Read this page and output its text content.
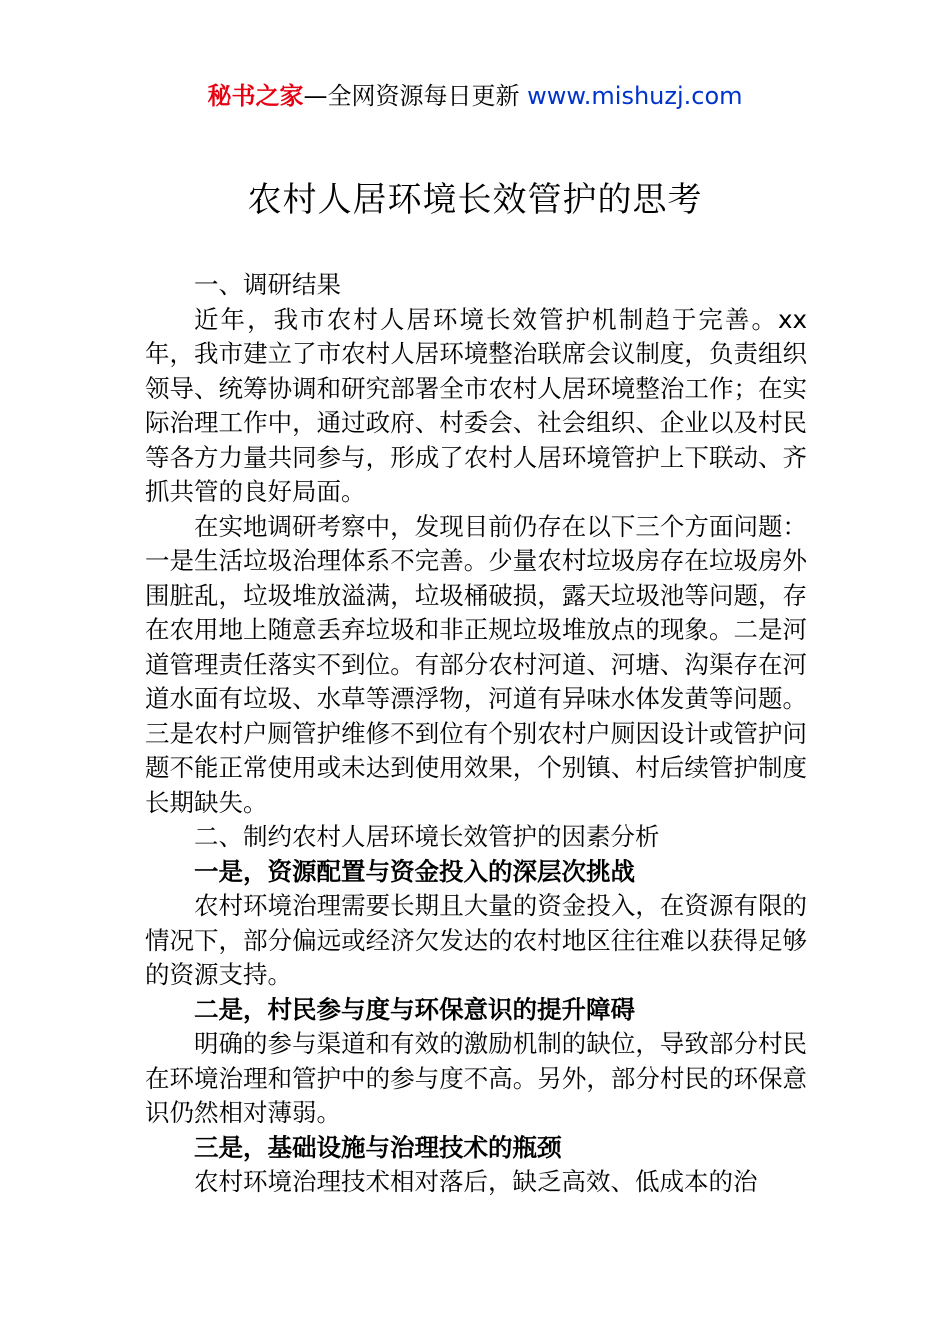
秘书之家—全网资源每日更新 www.mishuzj.com
农村人居环境长效管护的思考

一、调研结果

近年，我市农村人居环境长效管护机制趋于完善。xx年，我市建立了市农村人居环境整治联席会议制度，负责组织领导、统筹协调和研究部署全市农村人居环境整治工作；在实际治理工作中，通过政府、村委会、社会组织、企业以及村民等各方力量共同参与，形成了农村人居环境管护上下联动、齐抓共管的良好局面。

在实地调研考察中，发现目前仍存在以下三个方面问题：一是生活垃圾治理体系不完善。少量农村垃圾房存在垃圾房外围脏乱，垃圾堆放溢满，垃圾桶破损，露天垃圾池等问题，存在农用地上随意丢弃垃圾和非正规垃圾堆放点的现象。二是河道管理责任落实不到位。有部分农村河道、河塘、沟渠存在河道水面有垃圾、水草等漂浮物，河道有异味水体发黄等问题。三是农村户厕管护维修不到位有个别农村户厕因设计或管护问题不能正常使用或未达到使用效果，个别镇、村后续管护制度长期缺失。

二、制约农村人居环境长效管护的因素分析

一是，资源配置与资金投入的深层次挑战

农村环境治理需要长期且大量的资金投入，在资源有限的情况下，部分偏远或经济欠发达的农村地区往往难以获得足够的资源支持。

二是，村民参与度与环保意识的提升障碍

明确的参与渠道和有效的激励机制的缺位，导致部分村民在环境治理和管护中的参与度不高。另外，部分村民的环保意识仍然相对薄弱。

三是，基础设施与治理技术的瓶颈

农村环境治理技术相对落后，缺乏高效、低成本的治
